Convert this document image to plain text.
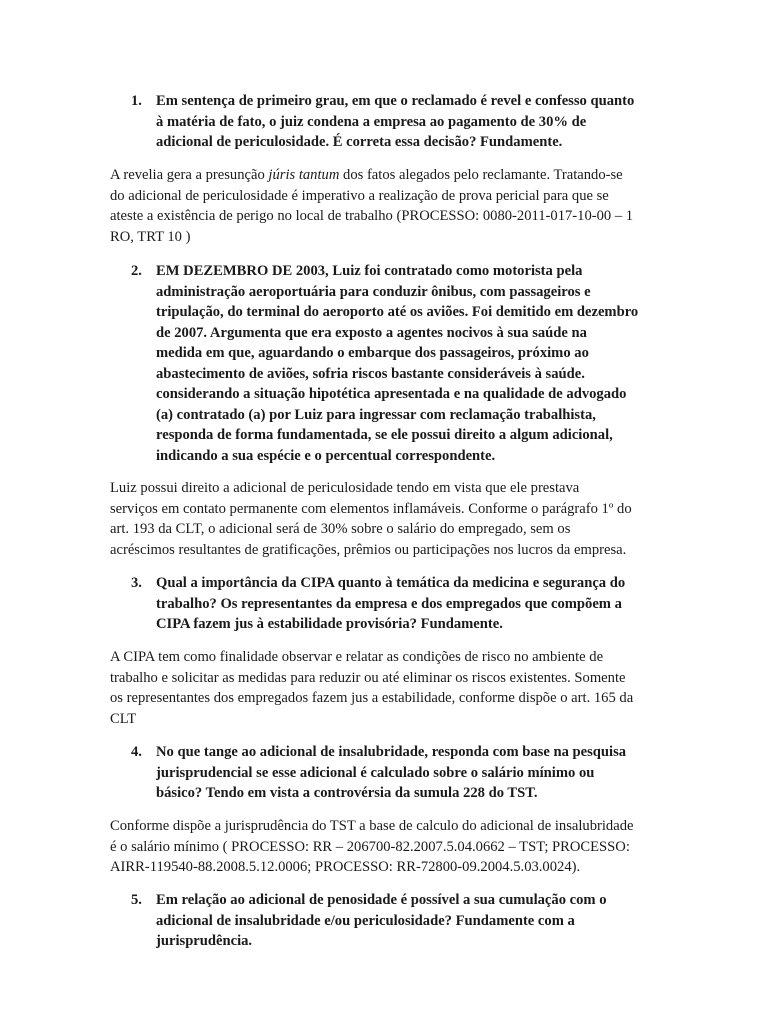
1. Em sentença de primeiro grau, em que o reclamado é revel e confesso quanto
à matéria de fato, o juiz condena a empresa ao pagamento de 30% de
adicional de periculosidade. É correta essa decisão? Fundamente.
A revelia gera a presunção júris tantum dos fatos alegados pelo reclamante. Tratando-se
do adicional de periculosidade é imperativo a realização de prova pericial para que se
ateste a existência de perigo no local de trabalho (PROCESSO: 0080-2011-017-10-00 – 1
RO, TRT 10 )
2. EM DEZEMBRO DE 2003, Luiz foi contratado como motorista pela
administração aeroportuária para conduzir ônibus, com passageiros e
tripulação, do terminal do aeroporto até os aviões. Foi demitido em dezembro
de 2007. Argumenta que era exposto a agentes nocivos à sua saúde na
medida em que, aguardando o embarque dos passageiros, próximo ao
abastecimento de aviões, sofria riscos bastante consideráveis à saúde.
considerando a situação hipotética apresentada e na qualidade de advogado
(a) contratado (a) por Luiz para ingressar com reclamação trabalhista,
responda de forma fundamentada, se ele possui direito a algum adicional,
indicando a sua espécie e o percentual correspondente.
Luiz possui direito a adicional de periculosidade tendo em vista que ele prestava
serviços em contato permanente com elementos inflamáveis. Conforme o parágrafo 1º do
art. 193 da CLT, o adicional será de 30% sobre o salário do empregado, sem os
acréscimos resultantes de gratificações, prêmios ou participações nos lucros da empresa.
3. Qual a importância da CIPA quanto à temática da medicina e segurança do
trabalho? Os representantes da empresa e dos empregados que compõem a
CIPA fazem jus à estabilidade provisória? Fundamente.
A CIPA tem como finalidade observar e relatar as condições de risco no ambiente de
trabalho e solicitar as medidas para reduzir ou até eliminar os riscos existentes. Somente
os representantes dos empregados fazem jus a estabilidade, conforme dispõe o art. 165 da
CLT
4. No que tange ao adicional de insalubridade, responda com base na pesquisa
jurisprudencial se esse adicional é calculado sobre o salário mínimo ou
básico? Tendo em vista a controvérsia da sumula 228 do TST.
Conforme dispõe a jurisprudência do TST a base de calculo do adicional de insalubridade
é o salário mínimo ( PROCESSO: RR – 206700-82.2007.5.04.0662 – TST; PROCESSO:
AIRR-119540-88.2008.5.12.0006; PROCESSO: RR-72800-09.2004.5.03.0024).
5. Em relação ao adicional de penosidade é possível a sua cumulação com o
adicional de insalubridade e/ou periculosidade? Fundamente com a
jurisprudência.
